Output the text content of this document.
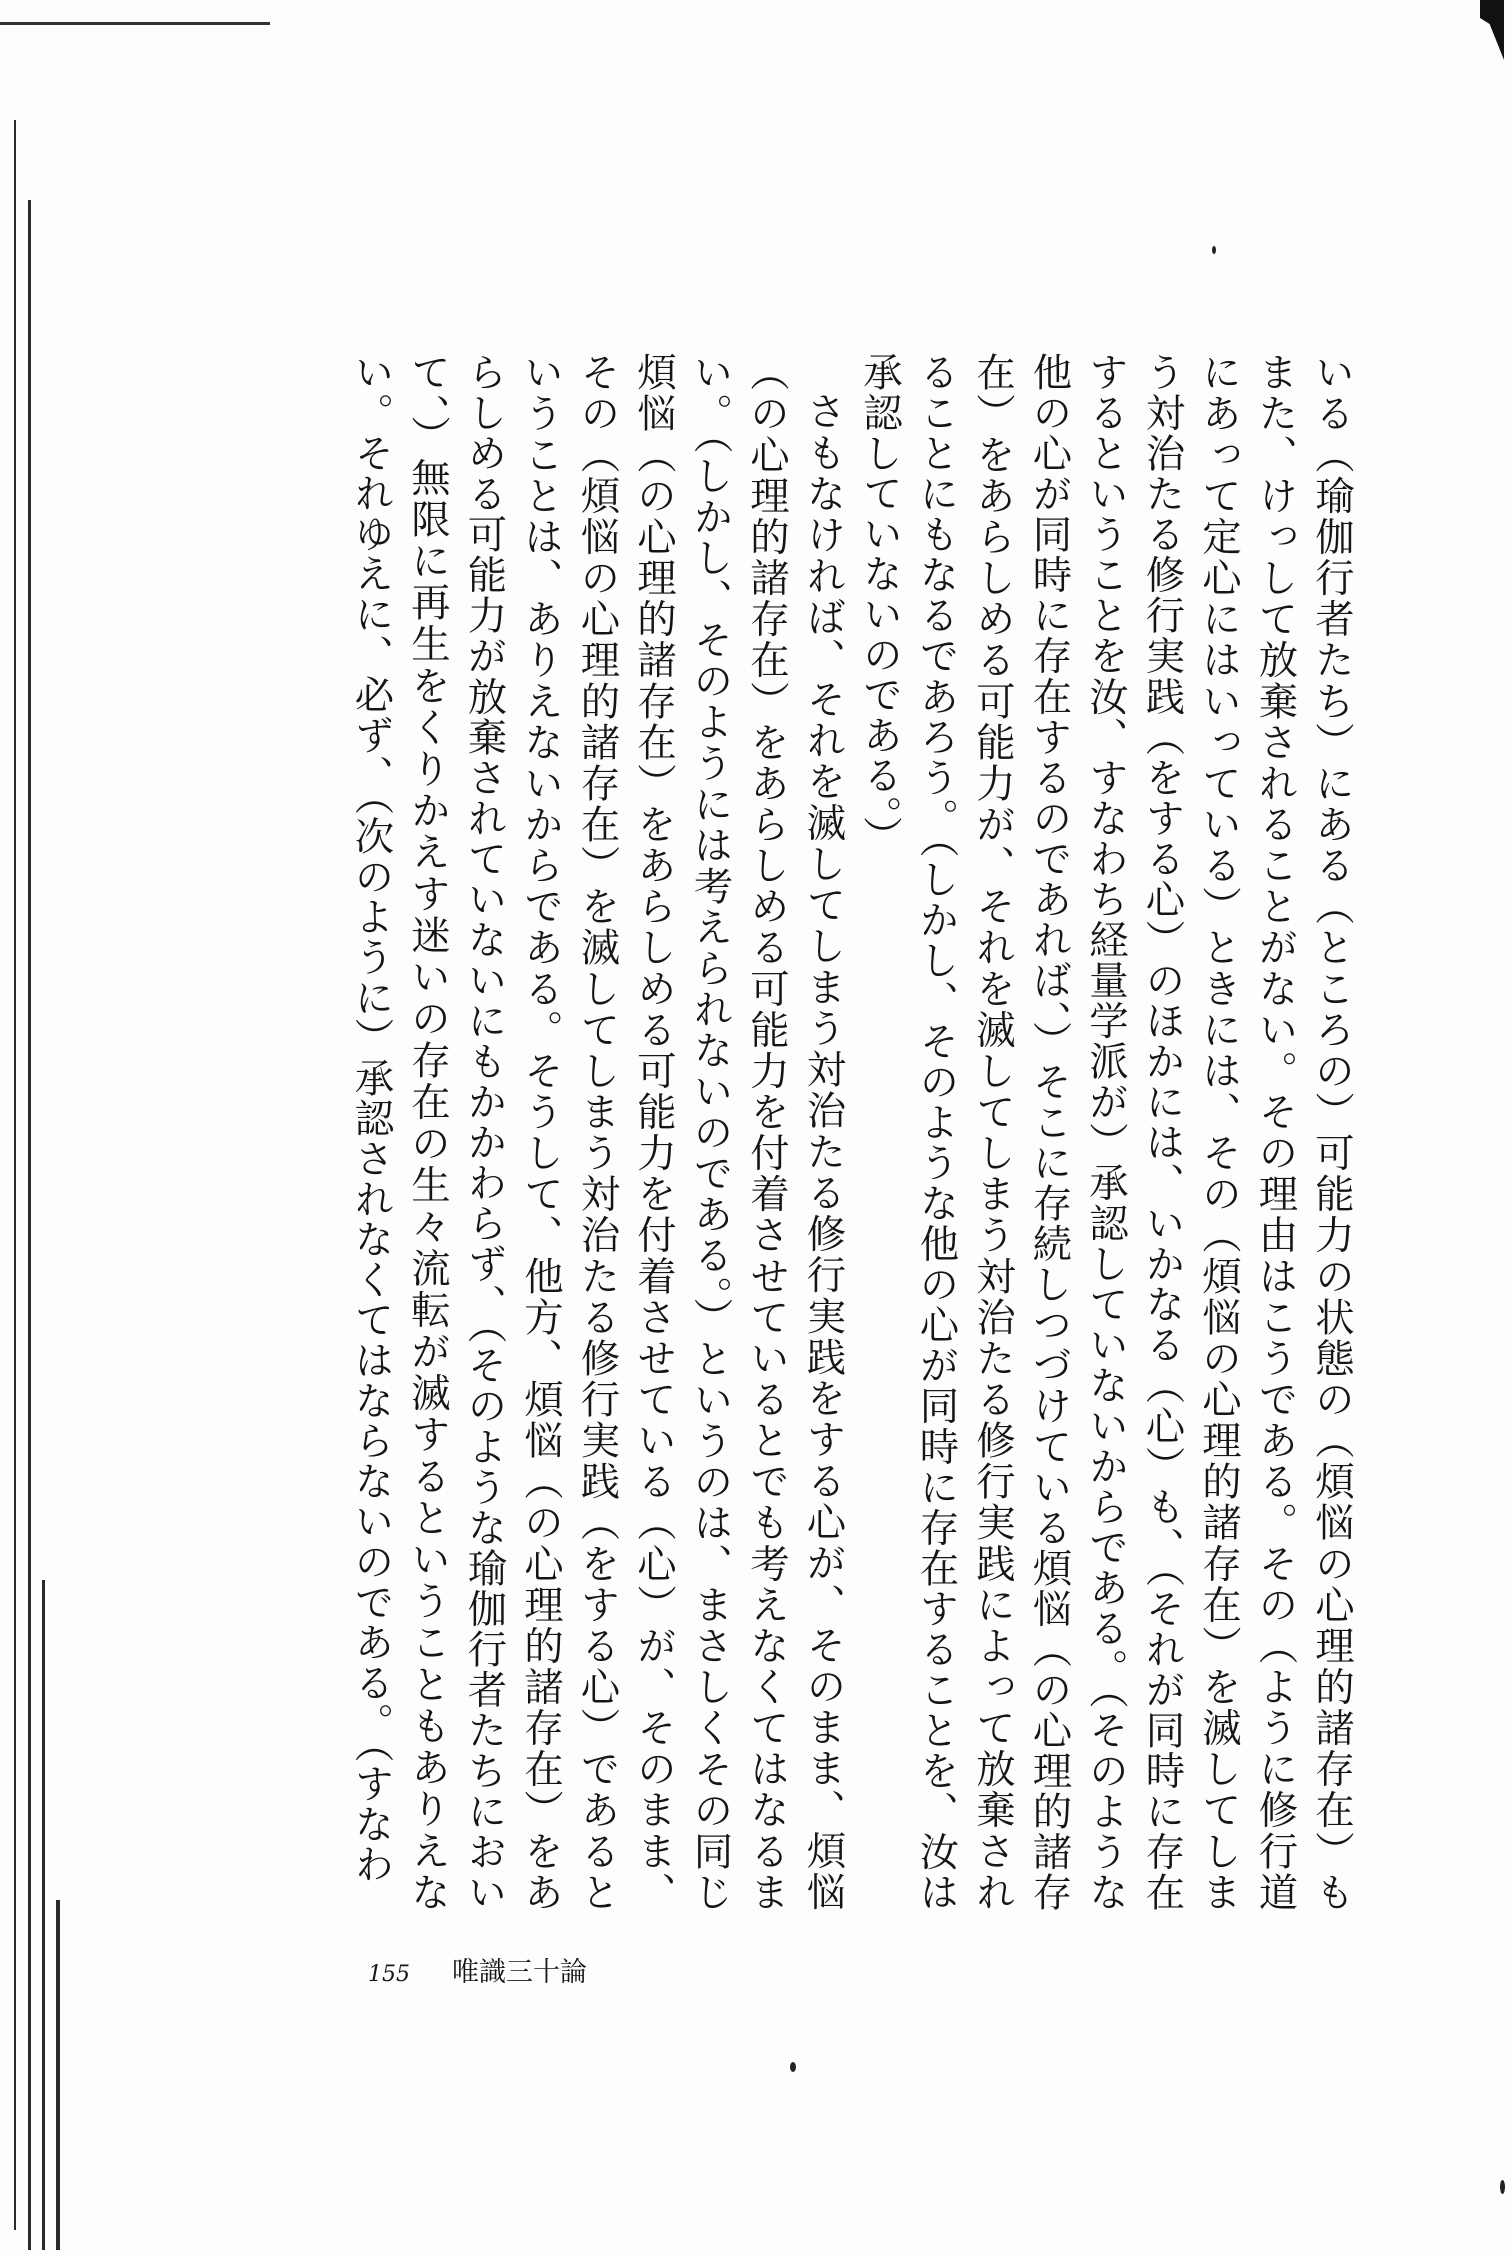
いる（瑜伽行者たち）にある（ところの）可能力の状態の（煩悩の心理的諸存在）もまた、けっして放棄されることがない。その理由はこうである。その（ように修行道にあって定心にはいっている）ときには、その（煩悩の心理的諸存在）を滅してしまう対治たる修行実践（をする心）のほかには、いかなる（心）も、（それが同時に存在するということを汝、すなわち経量学派が）承認していないからである。（そのような他の心が同時に存在するのであれば、）そこに存続しつづけている煩悩（の心理的諸存在）をあらしめる可能力が、それを滅してしまう対治たる修行実践によって放棄されることにもなるであろう。（しかし、そのような他の心が同時に存在することを、汝は承認していないのである。）

さもなければ、それを滅してしまう対治たる修行実践をする心が、そのまま、煩悩（の心理的諸存在）をあらしめる可能力を付着させているとでも考えなくてはなるまい。（しかし、そのようには考えられないのである。）というのは、まさしくその同じ煩悩（の心理的諸存在）をあらしめる可能力を付着させている（心）が、そのまま、その（煩悩の心理的諸存在）を滅してしまう対治たる修行実践（をする心）であるということは、ありえないからである。そうして、他方、煩悩（の心理的諸存在）をあらしめる可能力が放棄されていないにもかかわらず、（そのような瑜伽行者たちにおいて、）無限に再生をくりかえす迷いの存在の生々流転が滅するということもありえない。それゆえに、必ず、（次のように）承認されなくてはならないのである。（すなわ

155 唯識三十論
